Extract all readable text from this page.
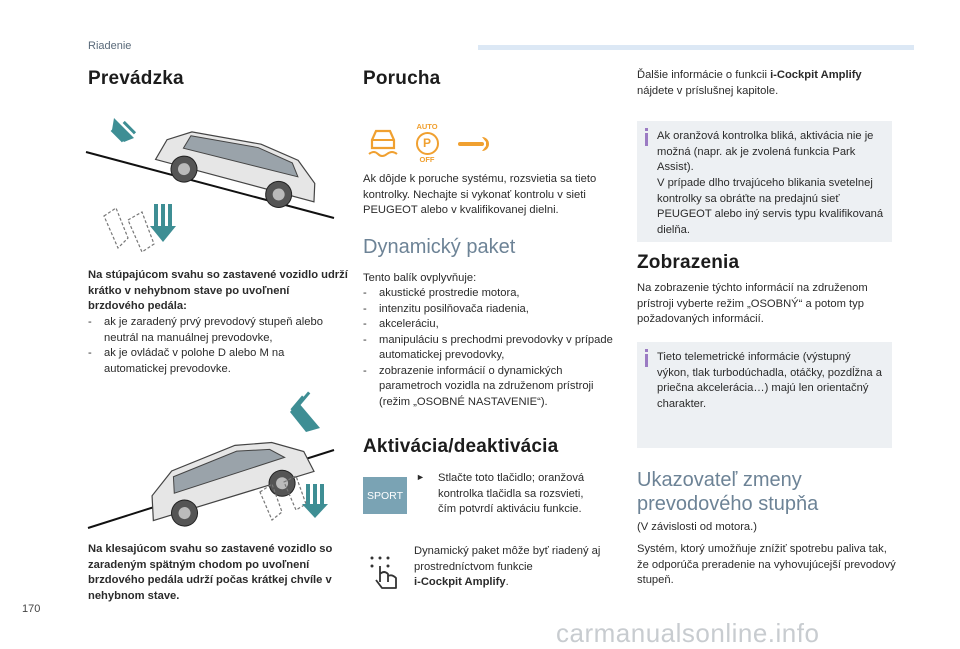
Riadenie
Prevádzka

Na stúpajúcom svahu so zastavené vozidlo udrží krátko v nehybnom stave po uvoľnení brzdového pedála:

- ak je zaradený prvý prevodový stupeň alebo neutrál na manuálnej prevodovke,
- ak je ovládač v polohe D alebo M na automatickej prevodovke.

Na klesajúcom svahu so zastavené vozidlo so zaradeným spätným chodom po uvoľnení brzdového pedála udrží počas krátkej chvíle v nehybnom stave.

Porucha
AUTO
P
OFF

Ak dôjde k poruche systému, rozsvietia sa tieto kontrolky. Nechajte si vykonať kontrolu v sieti PEUGEOT alebo v kvalifikovanej dielni.

Dynamický paket

Tento balík ovplyvňuje:

- akustické prostredie motora,
- intenzitu posilňovača riadenia,
- akceleráciu,
- manipuláciu s prechodmi prevodovky v prípade automatickej prevodovky,
- zobrazenie informácií o dynamických parametroch vozidla na združenom prístroji (režim „OSOBNÉ NASTAVENIE“).
Aktivácia/deaktivácia
SPORT
► Stlačte toto tlačidlo; oranžová kontrolka tlačidla sa rozsvieti, čím potvrdí aktiváciu funkcie.

Dynamický paket môže byť riadený aj prostredníctvom funkcie
i-Cockpit Amplify.

Ďalšie informácie o funkcii i-Cockpit Amplify nájdete v príslušnej kapitole.

Ak oranžová kontrolka bliká, aktivácia nie je možná (napr. ak je zvolená funkcia Park Assist).

V prípade dlho trvajúceho blikania svetelnej kontrolky sa obráťte na predajnú sieť PEUGEOT alebo iný servis typu kvalifikovaná dielňa.

Zobrazenia

Na zobrazenie týchto informácií na združenom prístroji vyberte režim „OSOBNÝ“ a potom typ požadovaných informácií.

Tieto telemetrické informácie (výstupný výkon, tlak turbodúchadla, otáčky, pozdĺžna a priečna akcelerácia…) majú len orientačný charakter.

Ukazovateľ zmeny prevodového stupňa

(V závislosti od motora.)

Systém, ktorý umožňuje znížiť spotrebu paliva tak, že odporúča preradenie na vyhovujúcejší prevodový stupeň.

170
carmanualsonline.info
